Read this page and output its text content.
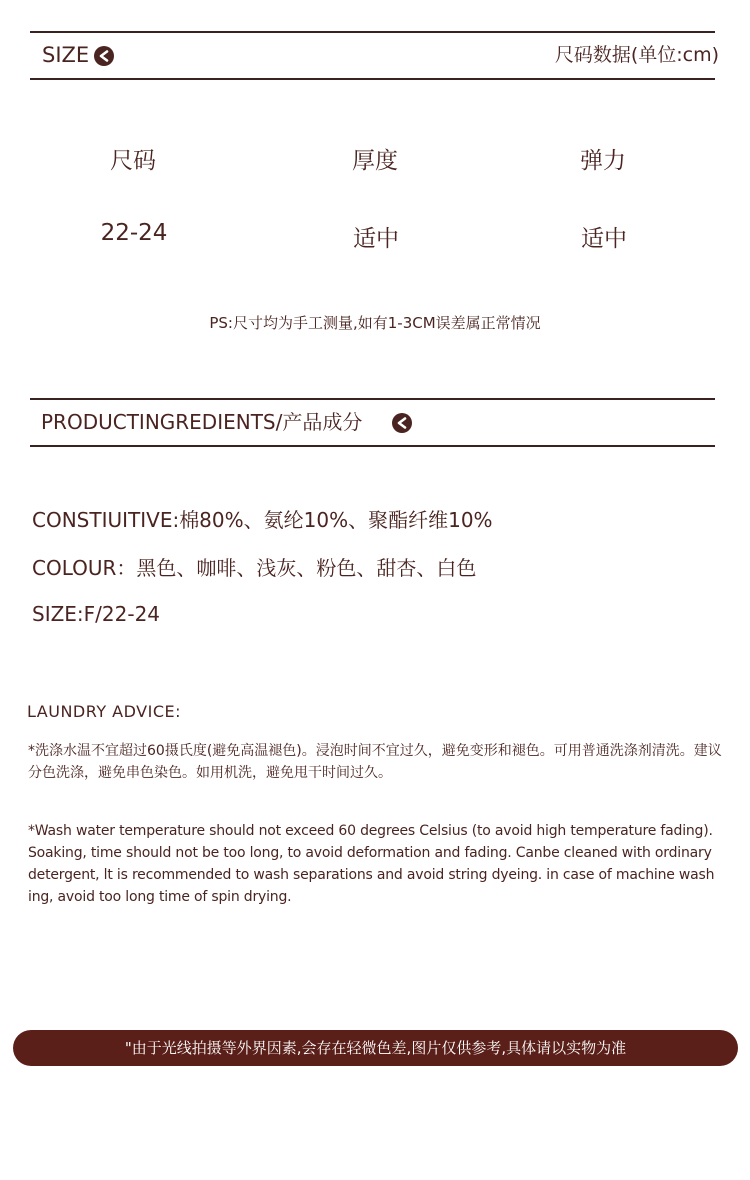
SIZE	尺码数据(单位:cm)
尺码	厚度	弹力
22-24	适中	适中
PS:尺寸均为手工测量,如有1-3CM误差属正常情况
PRODUCTINGREDIENTS/产品成分
CONSTIUITIVE:棉80%、氨纶10%、聚酯纤维10%
COLOUR：黑色、咖啡、浅灰、粉色、甜杏、白色
SIZE:F/22-24
LAUNDRY ADVICE:
*洗涤水温不宜超过60摄氏度(避免高温褪色)。浸泡时间不宜过久，避免变形和褪色。可用普通洗涤剂清洗。建议分色洗涤，避免串色染色。如用机洗，避免甩干时间过久。
*Wash water temperature should not exceed 60 degrees Celsius (to avoid high temperature fading). Soaking, time should not be too long, to avoid deformation and fading. Canbe cleaned with ordinary detergent, lt is recommended to wash separations and avoid string dyeing. in case of machine wash ing, avoid too long time of spin drying.
"由于光线拍摄等外界因素,会存在轻微色差,图片仅供参考,具体请以实物为准
